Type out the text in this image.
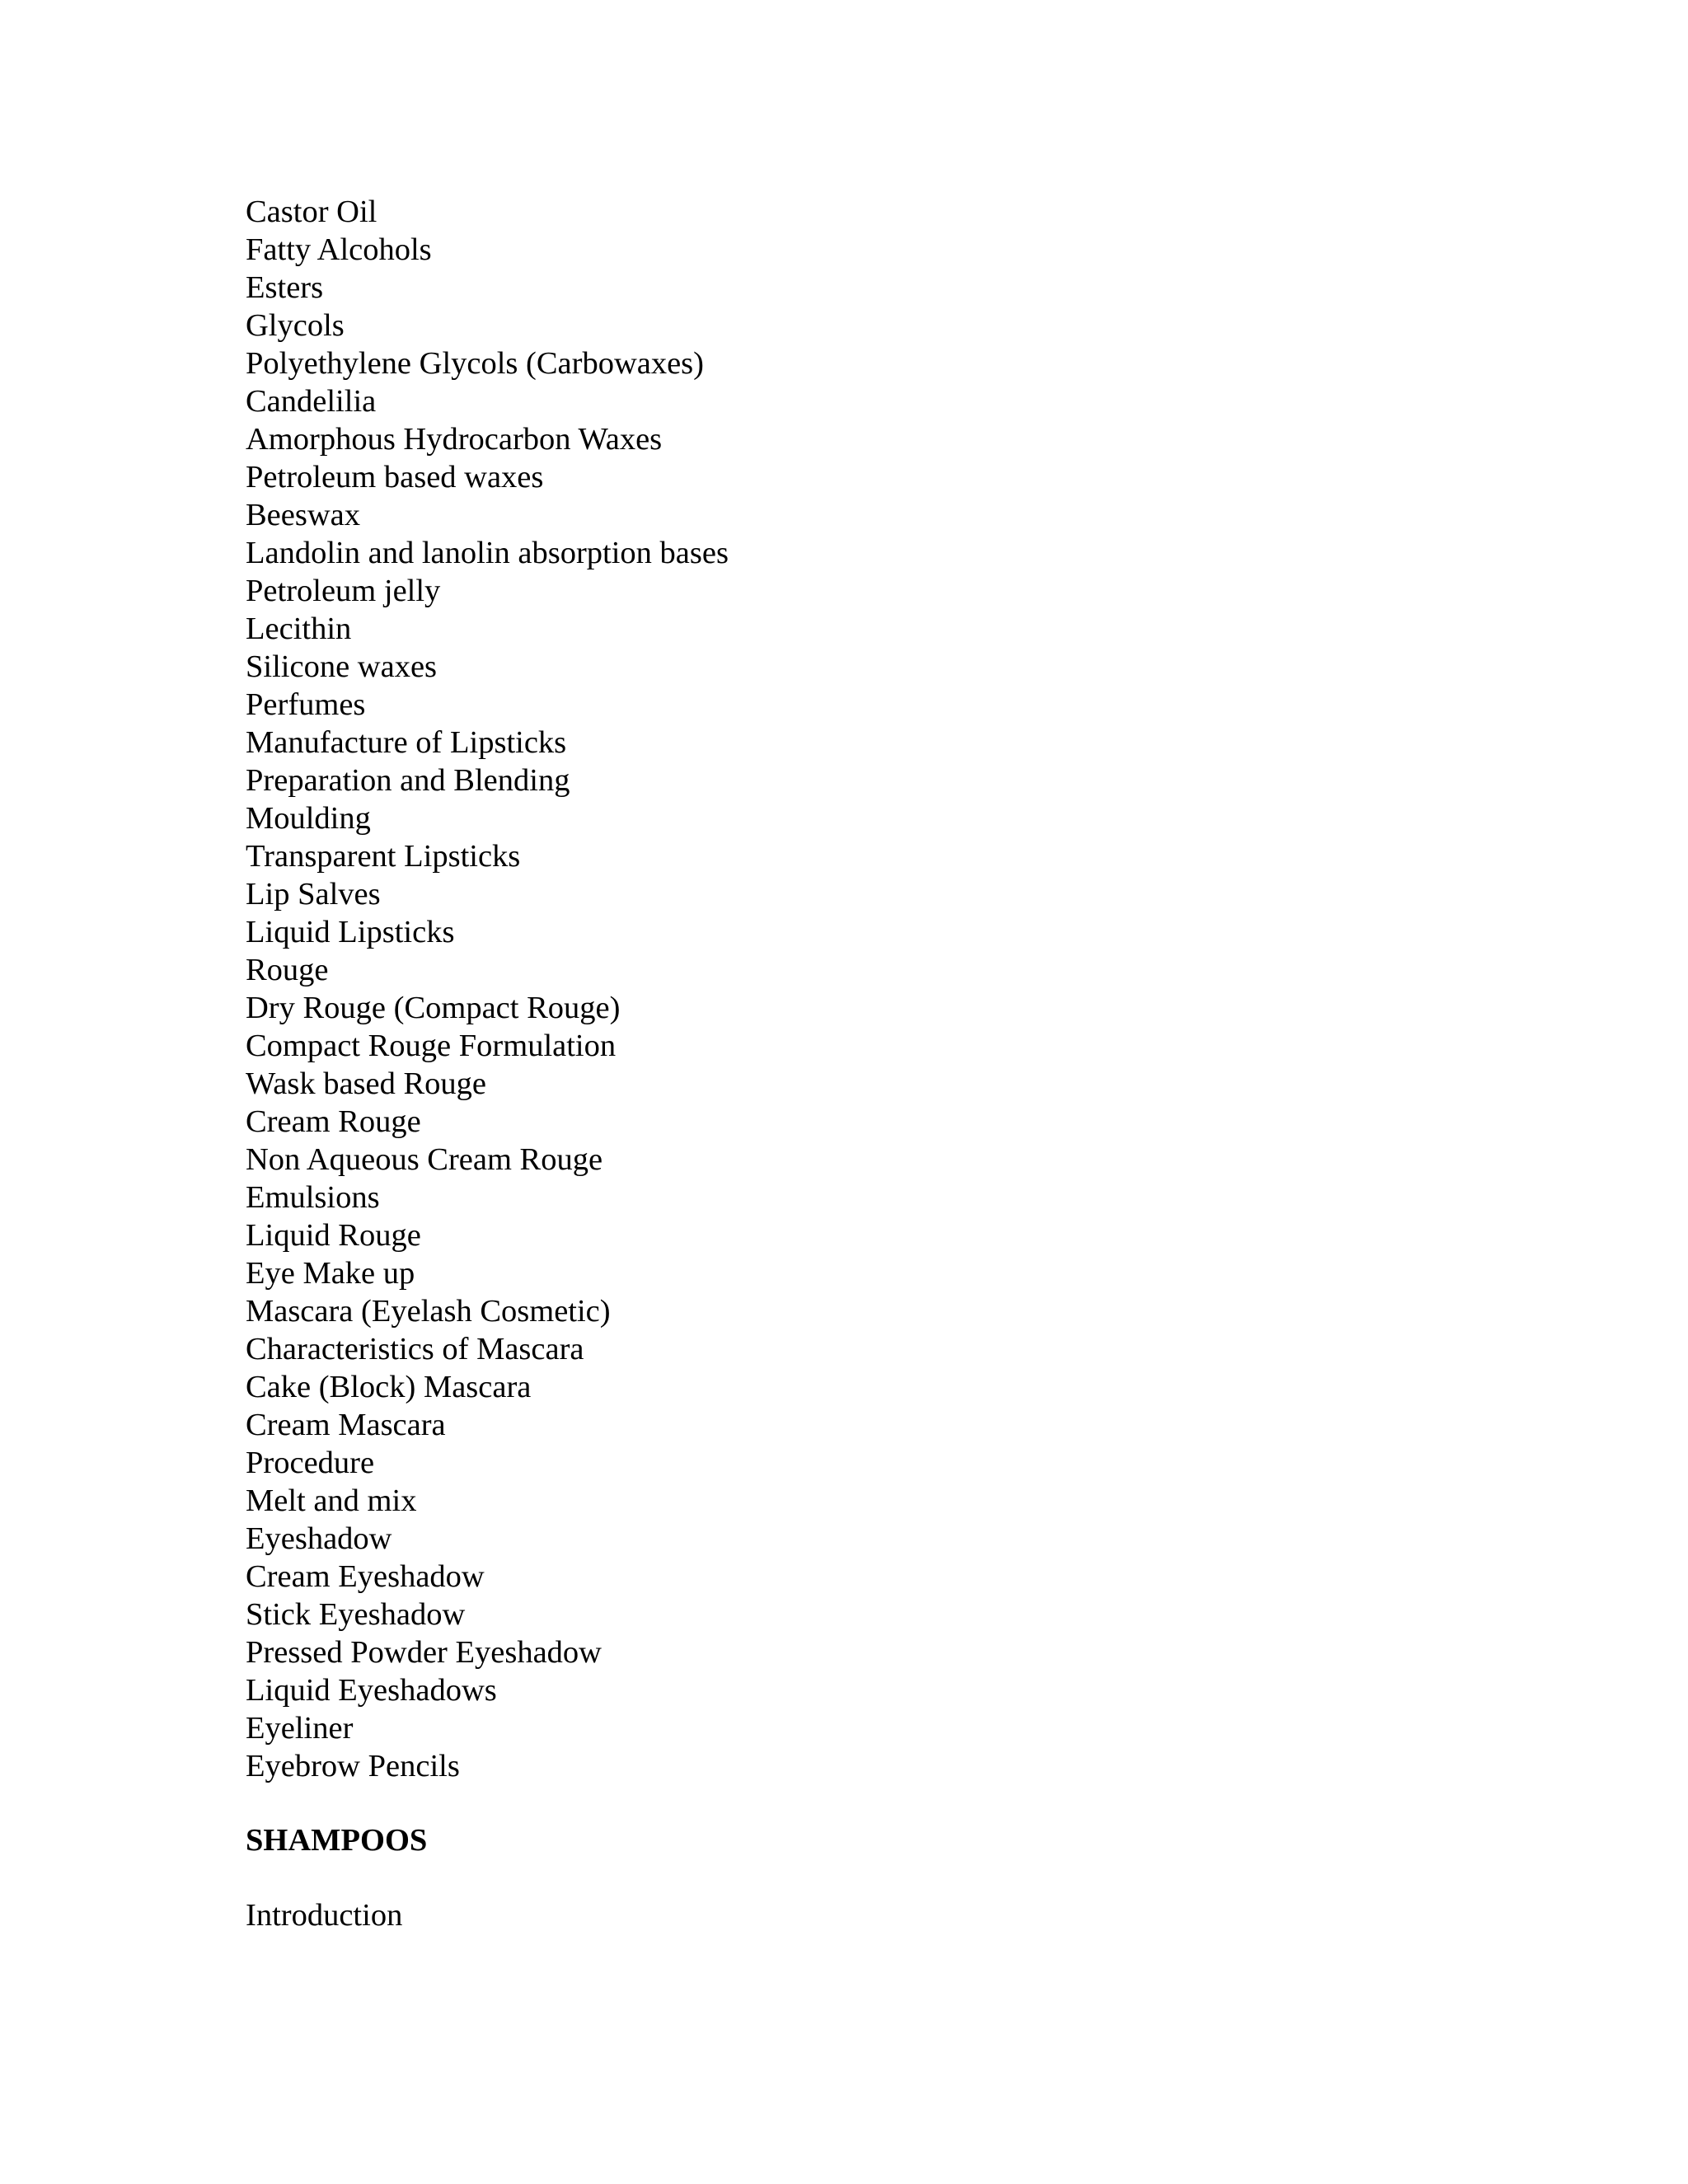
Castor Oil
Fatty Alcohols
Esters
Glycols
Polyethylene Glycols (Carbowaxes)
Candelilia
Amorphous Hydrocarbon Waxes
Petroleum based waxes
Beeswax
Landolin and lanolin absorption bases
Petroleum jelly
Lecithin
Silicone waxes
Perfumes
Manufacture of Lipsticks
Preparation and Blending
Moulding
Transparent Lipsticks
Lip Salves
Liquid Lipsticks
Rouge
Dry Rouge (Compact Rouge)
Compact Rouge Formulation
Wask based Rouge
Cream Rouge
Non Aqueous Cream Rouge
Emulsions
Liquid Rouge
Eye Make up
Mascara (Eyelash Cosmetic)
Characteristics of Mascara
Cake (Block) Mascara
Cream Mascara
Procedure
Melt and mix
Eyeshadow
Cream Eyeshadow
Stick Eyeshadow
Pressed Powder Eyeshadow
Liquid Eyeshadows
Eyeliner
Eyebrow Pencils
SHAMPOOS
Introduction
